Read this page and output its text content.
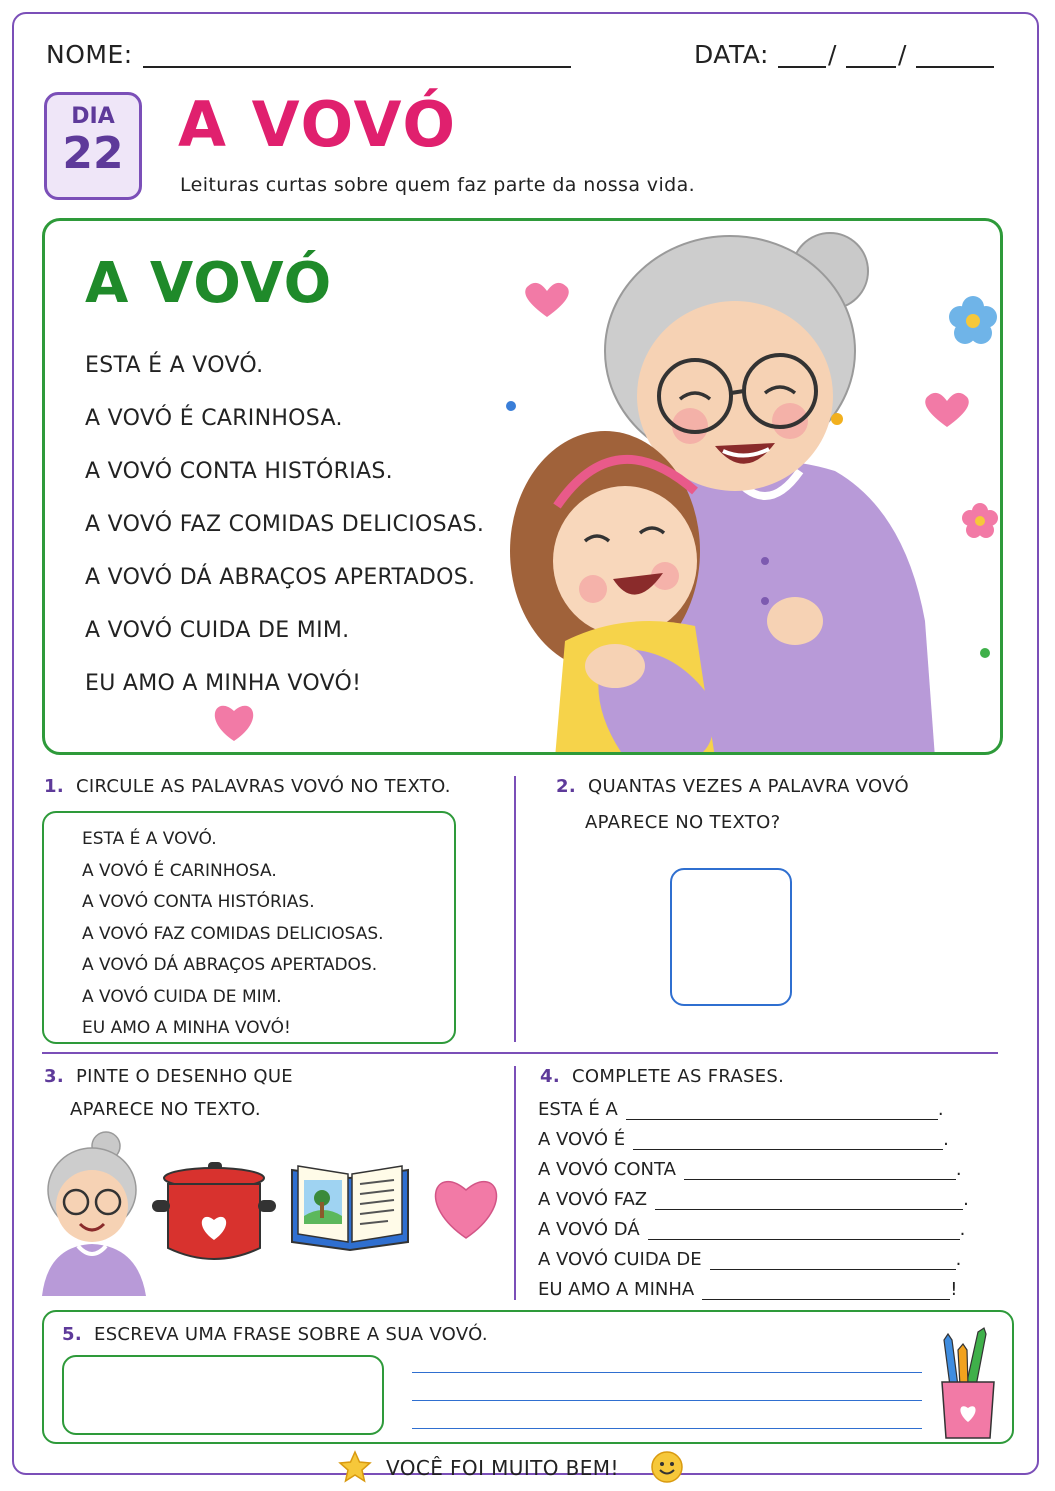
NOME:	DATA: / /
DIA
22 A VOVÓ
Leituras curtas sobre quem faz parte da nossa vida.
A VOVÓ
ESTA É A VOVÓ.
A VOVÓ É CARINHOSA.
A VOVÓ CONTA HISTÓRIAS.
A VOVÓ FAZ COMIDAS DELICIOSAS.
A VOVÓ DÁ ABRAÇOS APERTADOS.
A VOVÓ CUIDA DE MIM.
EU AMO A MINHA VOVÓ!
1. CIRCULE AS PALAVRAS VOVÓ NO TEXTO.
ESTA É A VOVÓ.
A VOVÓ É CARINHOSA.
A VOVÓ CONTA HISTÓRIAS.
A VOVÓ FAZ COMIDAS DELICIOSAS.
A VOVÓ DÁ ABRAÇOS APERTADOS.
A VOVÓ CUIDA DE MIM.
EU AMO A MINHA VOVÓ!
2. QUANTAS VEZES A PALAVRA VOVÓ
APARECE NO TEXTO?
3. PINTE O DESENHO QUE
APARECE NO TEXTO.
4. COMPLETE AS FRASES.
ESTA É A	.
A VOVÓ É	.
A VOVÓ CONTA	.
A VOVÓ FAZ	.
A VOVÓ DÁ	.
A VOVÓ CUIDA DE	.
EU AMO A MINHA	!
5. ESCREVA UMA FRASE SOBRE A SUA VOVÓ.
VOCÊ FOI MUITO BEM!
